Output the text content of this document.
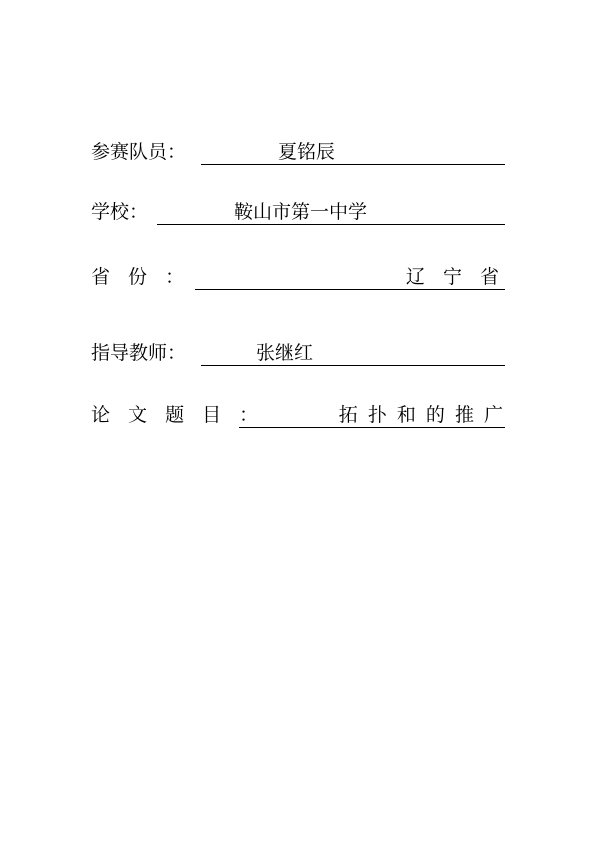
参赛队员：	夏铭辰
学校：	鞍山市第一中学
省 份 ：	辽 宁 省
指导教师：	张继红
论 文 题 目 ：	拓 扑 和 的 推 广
